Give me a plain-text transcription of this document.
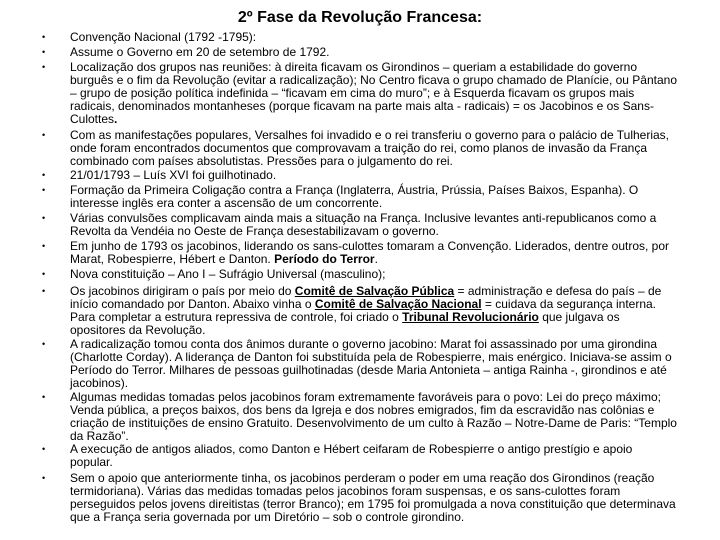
2º Fase da Revolução Francesa:
• Convenção Nacional (1792 -1795):
• Assume o Governo em 20 de setembro de 1792.
• Localização dos grupos nas reuniões: à direita ficavam os Girondinos – queriam a estabilidade do governo burguês e o fim da Revolução (evitar a radicalização); No Centro ficava o grupo chamado de Planície, ou Pântano – grupo de posição política indefinida – “ficavam em cima do muro”; e à Esquerda ficavam os grupos mais radicais, denominados montanheses (porque ficavam na parte mais alta - radicais) = os Jacobinos e os Sans-Culottes.
• Com as manifestações populares, Versalhes foi invadido e o rei transferiu o governo para o palácio de Tulherias, onde foram encontrados documentos que comprovavam a traição do rei, como planos de invasão da França combinado com países absolutistas. Pressões para o julgamento do rei.
• 21/01/1793 – Luís XVI foi guilhotinado.
• Formação da Primeira Coligação contra a França (Inglaterra, Áustria, Prússia, Países Baixos, Espanha). O interesse inglês era conter a ascensão de um concorrente.
• Várias convulsões complicavam ainda mais a situação na França. Inclusive levantes anti-republicanos como a Revolta da Vendéia no Oeste de França desestabilizavam o governo.
• Em junho de 1793 os jacobinos, liderando os sans-culottes tomaram a Convenção. Liderados, dentre outros, por Marat, Robespierre, Hébert e Danton. Período do Terror.
• Nova constituição – Ano I – Sufrágio Universal (masculino);
• Os jacobinos dirigiram o país por meio do Comitê de Salvação Pública = administração e defesa do país – de início comandado por Danton. Abaixo vinha o Comitê de Salvação Nacional = cuidava da segurança interna. Para completar a estrutura repressiva de controle, foi criado o Tribunal Revolucionário que julgava os opositores da Revolução.
• A radicalização tomou conta dos ânimos durante o governo jacobino: Marat foi assassinado por uma girondina (Charlotte Corday). A liderança de Danton foi substituída pela de Robespierre, mais enérgico. Iniciava-se assim o Período do Terror. Milhares de pessoas guilhotinadas (desde Maria Antonieta – antiga Rainha -, girondinos e até jacobinos).
• Algumas medidas tomadas pelos jacobinos foram extremamente favoráveis para o povo: Lei do preço máximo; Venda pública, a preços baixos, dos bens da Igreja e dos nobres emigrados, fim da escravidão nas colônias e criação de instituições de ensino Gratuito. Desenvolvimento de um culto à Razão – Notre-Dame de Paris: “Templo da Razão”.
• A execução de antigos aliados, como Danton e Hébert ceifaram de Robespierre o antigo prestígio e apoio popular.
• Sem o apoio que anteriormente tinha, os jacobinos perderam o poder em uma reação dos Girondinos (reação termidoriana). Várias das medidas tomadas pelos jacobinos foram suspensas, e os sans-culottes foram perseguidos pelos jovens direitistas (terror Branco); em 1795 foi promulgada a nova constituição que determinava que a França seria governada por um Diretório – sob o controle girondino.
